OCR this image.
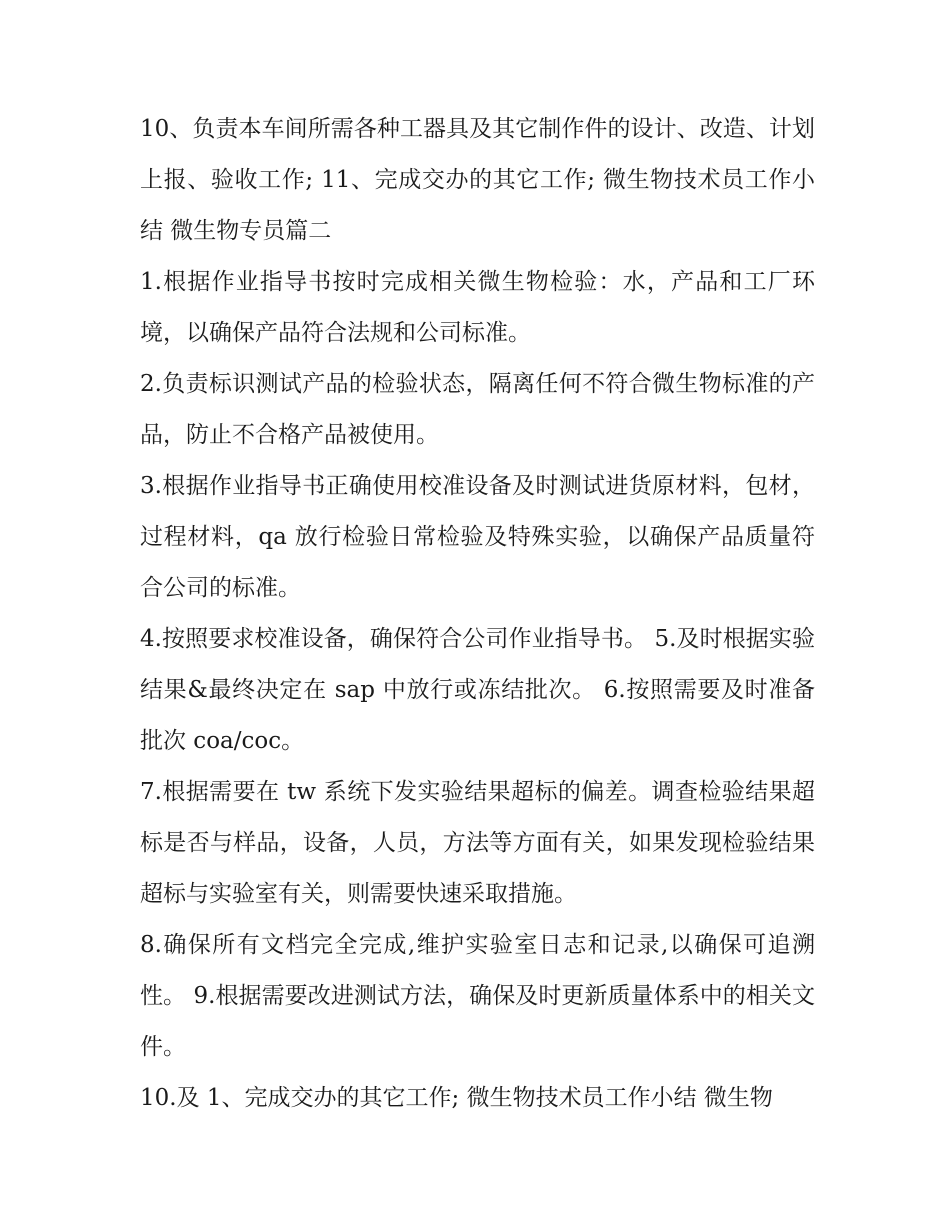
10、负责本车间所需各种工器具及其它制作件的设计、改造、计划上报、验收工作; 11、完成交办的其它工作; 微生物技术员工作小结 微生物专员篇二

1.根据作业指导书按时完成相关微生物检验：水，产品和工厂环境，以确保产品符合法规和公司标准。

2.负责标识测试产品的检验状态，隔离任何不符合微生物标准的产品，防止不合格产品被使用。

3.根据作业指导书正确使用校准设备及时测试进货原材料，包材，过程材料，qa 放行检验日常检验及特殊实验，以确保产品质量符合公司的标准。

4.按照要求校准设备，确保符合公司作业指导书。 5.及时根据实验结果&最终决定在 sap 中放行或冻结批次。 6.按照需要及时准备批次 coa/coc。

7.根据需要在 tw 系统下发实验结果超标的偏差。调查检验结果超标是否与样品，设备，人员，方法等方面有关，如果发现检验结果超标与实验室有关，则需要快速采取措施。

8.确保所有文档完全完成,维护实验室日志和记录,以确保可追溯性。 9.根据需要改进测试方法，确保及时更新质量体系中的相关文件。

10.及 1、完成交办的其它工作; 微生物技术员工作小结 微生物
